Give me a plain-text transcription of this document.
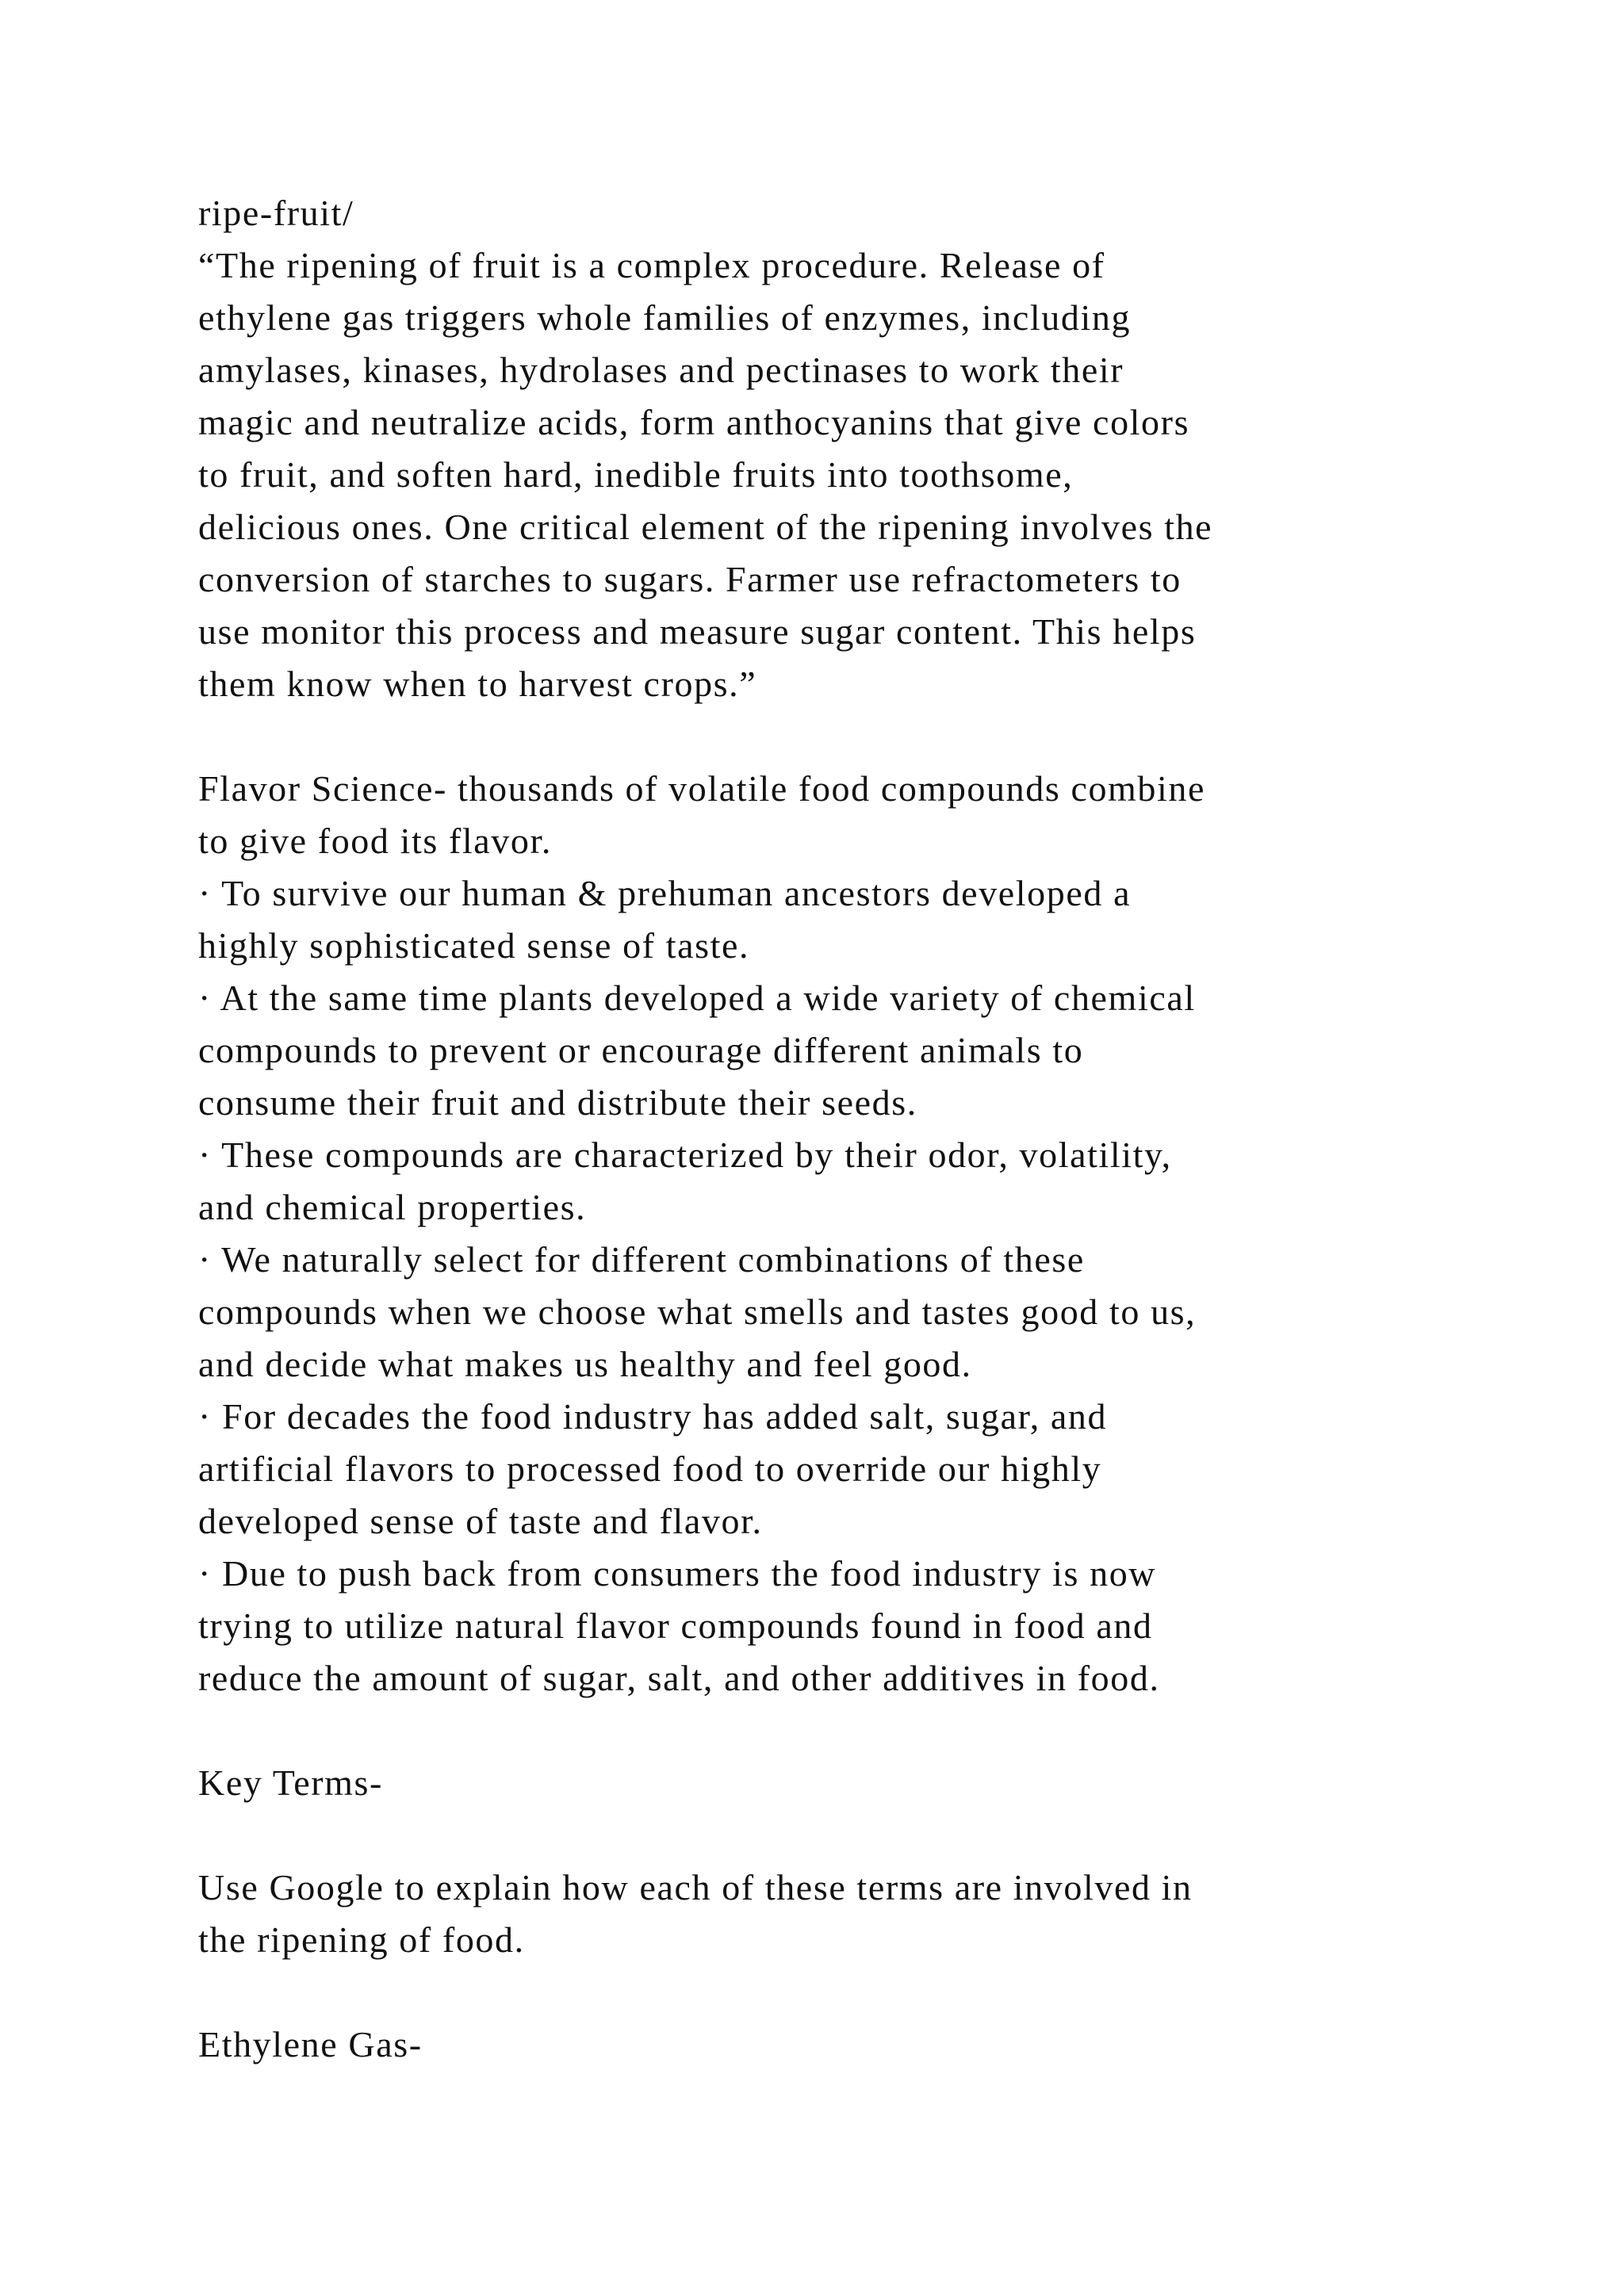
ripe-fruit/
“The ripening of fruit is a complex procedure. Release of
ethylene gas triggers whole families of enzymes, including
amylases, kinases, hydrolases and pectinases to work their
magic and neutralize acids, form anthocyanins that give colors
to fruit, and soften hard, inedible fruits into toothsome,
delicious ones. One critical element of the ripening involves the
conversion of starches to sugars. Farmer use refractometers to
use monitor this process and measure sugar content. This helps
them know when to harvest crops.”
Flavor Science- thousands of volatile food compounds combine
to give food its flavor.
· To survive our human & prehuman ancestors developed a
highly sophisticated sense of taste.
· At the same time plants developed a wide variety of chemical
compounds to prevent or encourage different animals to
consume their fruit and distribute their seeds.
· These compounds are characterized by their odor, volatility,
and chemical properties.
· We naturally select for different combinations of these
compounds when we choose what smells and tastes good to us,
and decide what makes us healthy and feel good.
· For decades the food industry has added salt, sugar, and
artificial flavors to processed food to override our highly
developed sense of taste and flavor.
· Due to push back from consumers the food industry is now
trying to utilize natural flavor compounds found in food and
reduce the amount of sugar, salt, and other additives in food.
Key Terms-
Use Google to explain how each of these terms are involved in
the ripening of food.
Ethylene Gas-
